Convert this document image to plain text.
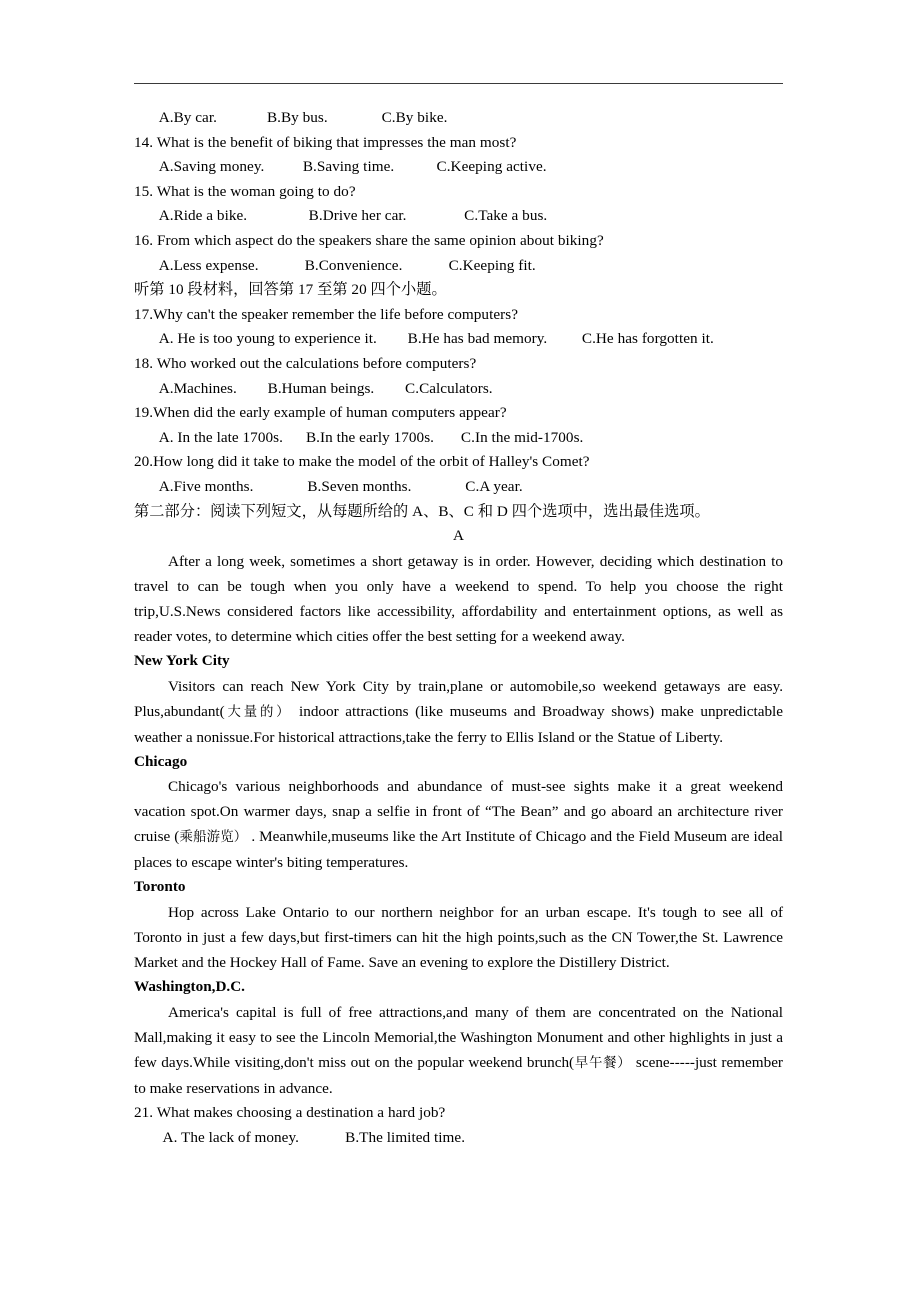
A.By car.             B.By bus.              C.By bike.
14. What is the benefit of biking that impresses the man most?
A.Saving money.          B.Saving time.           C.Keeping active.
15. What is the woman going to do?
A.Ride a bike.                B.Drive her car.               C.Take a bus.
16. From which aspect do the speakers share the same opinion about biking?
A.Less expense.            B.Convenience.            C.Keeping fit.
听第 10 段材料，回答第 17 至第 20 四个小题。
17.Why can't the speaker remember the life before computers?
A. He is too young to experience it.        B.He has bad memory.         C.He has forgotten it.
18. Who worked out the calculations before computers?
A.Machines.        B.Human beings.        C.Calculators.
19.When did the early example of human computers appear?
A. In the late 1700s.      B.In the early 1700s.       C.In the mid-1700s.
20.How long did it take to make the model of the orbit of Halley's Comet?
A.Five months.              B.Seven months.              C.A year.
第二部分：阅读下列短文，从每题所给的 A、B、C 和 D 四个选项中，选出最佳选项。
A

After a long week, sometimes a short getaway is in order. However, deciding which destination to travel to can be tough when you only have a weekend to spend. To help you choose the right trip,U.S.News considered factors like accessibility, affordability and entertainment options, as well as reader votes, to determine which cities offer the best setting for a weekend away.

New York City

Visitors can reach New York City by train,plane or automobile,so weekend getaways are easy. Plus,abundant(大量的） indoor attractions (like museums and Broadway shows) make unpredictable weather a nonissue.For historical attractions,take the ferry to Ellis Island or the Statue of Liberty.

Chicago

Chicago's various neighborhoods and abundance of must-see sights make it a great weekend vacation spot.On warmer days, snap a selfie in front of “The Bean” and go aboard an architecture river cruise (乘船游览） . Meanwhile,museums like the Art Institute of Chicago and the Field Museum are ideal places to escape winter's biting temperatures.

Toronto

Hop across Lake Ontario to our northern neighbor for an urban escape. It's tough to see all of Toronto in just a few days,but first-timers can hit the high points,such as the CN Tower,the St. Lawrence Market and the Hockey Hall of Fame. Save an evening to explore the Distillery District.

Washington,D.C.

America's capital is full of free attractions,and many of them are concentrated on the National Mall,making it easy to see the Lincoln Memorial,the Washington Monument and other highlights in just a few days.While visiting,don't miss out on the popular weekend brunch(早午餐） scene-----just remember to make reservations in advance.

21. What makes choosing a destination a hard job?
A. The lack of money.            B.The limited time.
